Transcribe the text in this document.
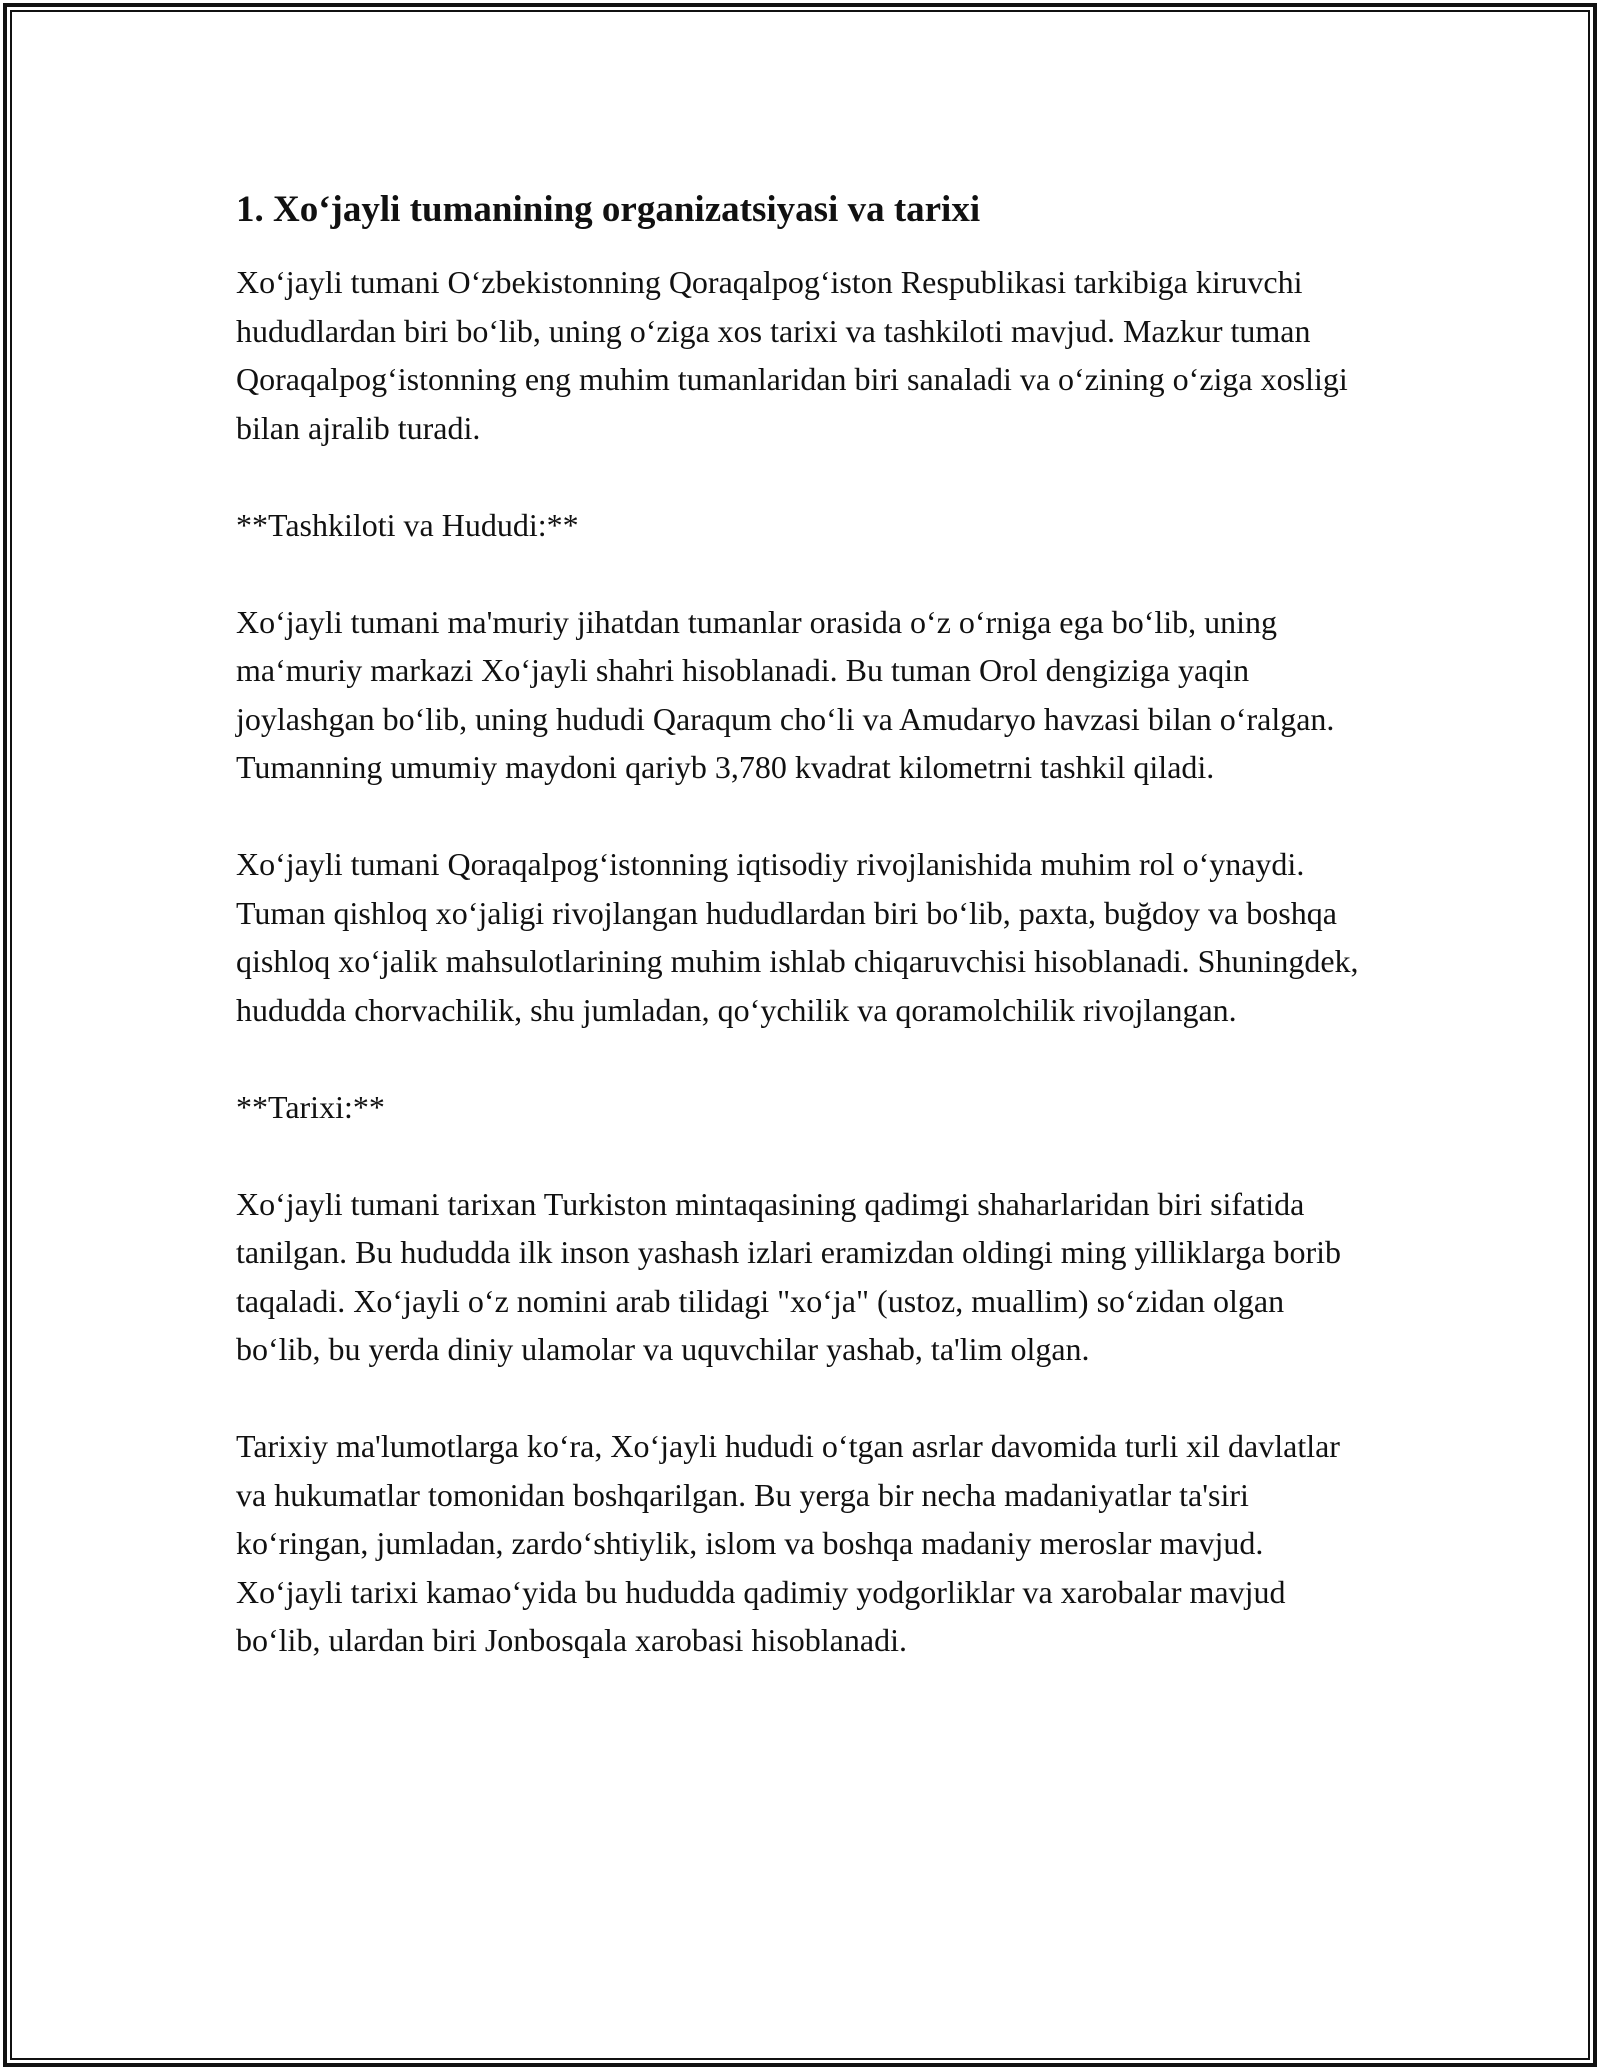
1. Xo‘jayli tumanining organizatsiyasi va tarixi
Xo‘jayli tumani O‘zbekistonning Qoraqalpog‘iston Respublikasi tarkibiga kiruvchi hududlardan biri bo‘lib, uning o‘ziga xos tarixi va tashkiloti mavjud. Mazkur tuman Qoraqalpog‘istonning eng muhim tumanlaridan biri sanaladi va o‘zining o‘ziga xosligi bilan ajralib turadi.
**Tashkiloti va Hududi:**
Xo‘jayli tumani ma'muriy jihatdan tumanlar orasida o‘z o‘rniga ega bo‘lib, uning ma‘muriy markazi Xo‘jayli shahri hisoblanadi. Bu tuman Orol dengiziga yaqin joylashgan bo‘lib, uning hududi Qaraqum cho‘li va Amudaryo havzasi bilan o‘ralgan. Tumanning umumiy maydoni qariyb 3,780 kvadrat kilometrni tashkil qiladi.
Xo‘jayli tumani Qoraqalpog‘istonning iqtisodiy rivojlanishida muhim rol o‘ynaydi. Tuman qishloq xo‘jaligi rivojlangan hududlardan biri bo‘lib, paxta, buğdoy va boshqa qishloq xo‘jalik mahsulotlarining muhim ishlab chiqaruvchisi hisoblanadi. Shuningdek, hududda chorvachilik, shu jumladan, qo‘ychilik va qoramolchilik rivojlangan.
**Tarixi:**
Xo‘jayli tumani tarixan Turkiston mintaqasining qadimgi shaharlaridan biri sifatida tanilgan. Bu hududda ilk inson yashash izlari eramizdan oldingi ming yilliklarga borib taqaladi. Xo‘jayli o‘z nomini arab tilidagi "xo‘ja" (ustoz, muallim) so‘zidan olgan bo‘lib, bu yerda diniy ulamolar va uquvchilar yashab, ta'lim olgan.
Tarixiy ma'lumotlarga ko‘ra, Xo‘jayli hududi o‘tgan asrlar davomida turli xil davlatlar va hukumatlar tomonidan boshqarilgan. Bu yerga bir necha madaniyatlar ta'siri ko‘ringan, jumladan, zardo‘shtiylik, islom va boshqa madaniy meroslar mavjud.
Xo‘jayli tarixi kamao‘yida bu hududda qadimiy yodgorliklar va xarobalar mavjud bo‘lib, ulardan biri Jonbosqala xarobasi hisoblanadi.
